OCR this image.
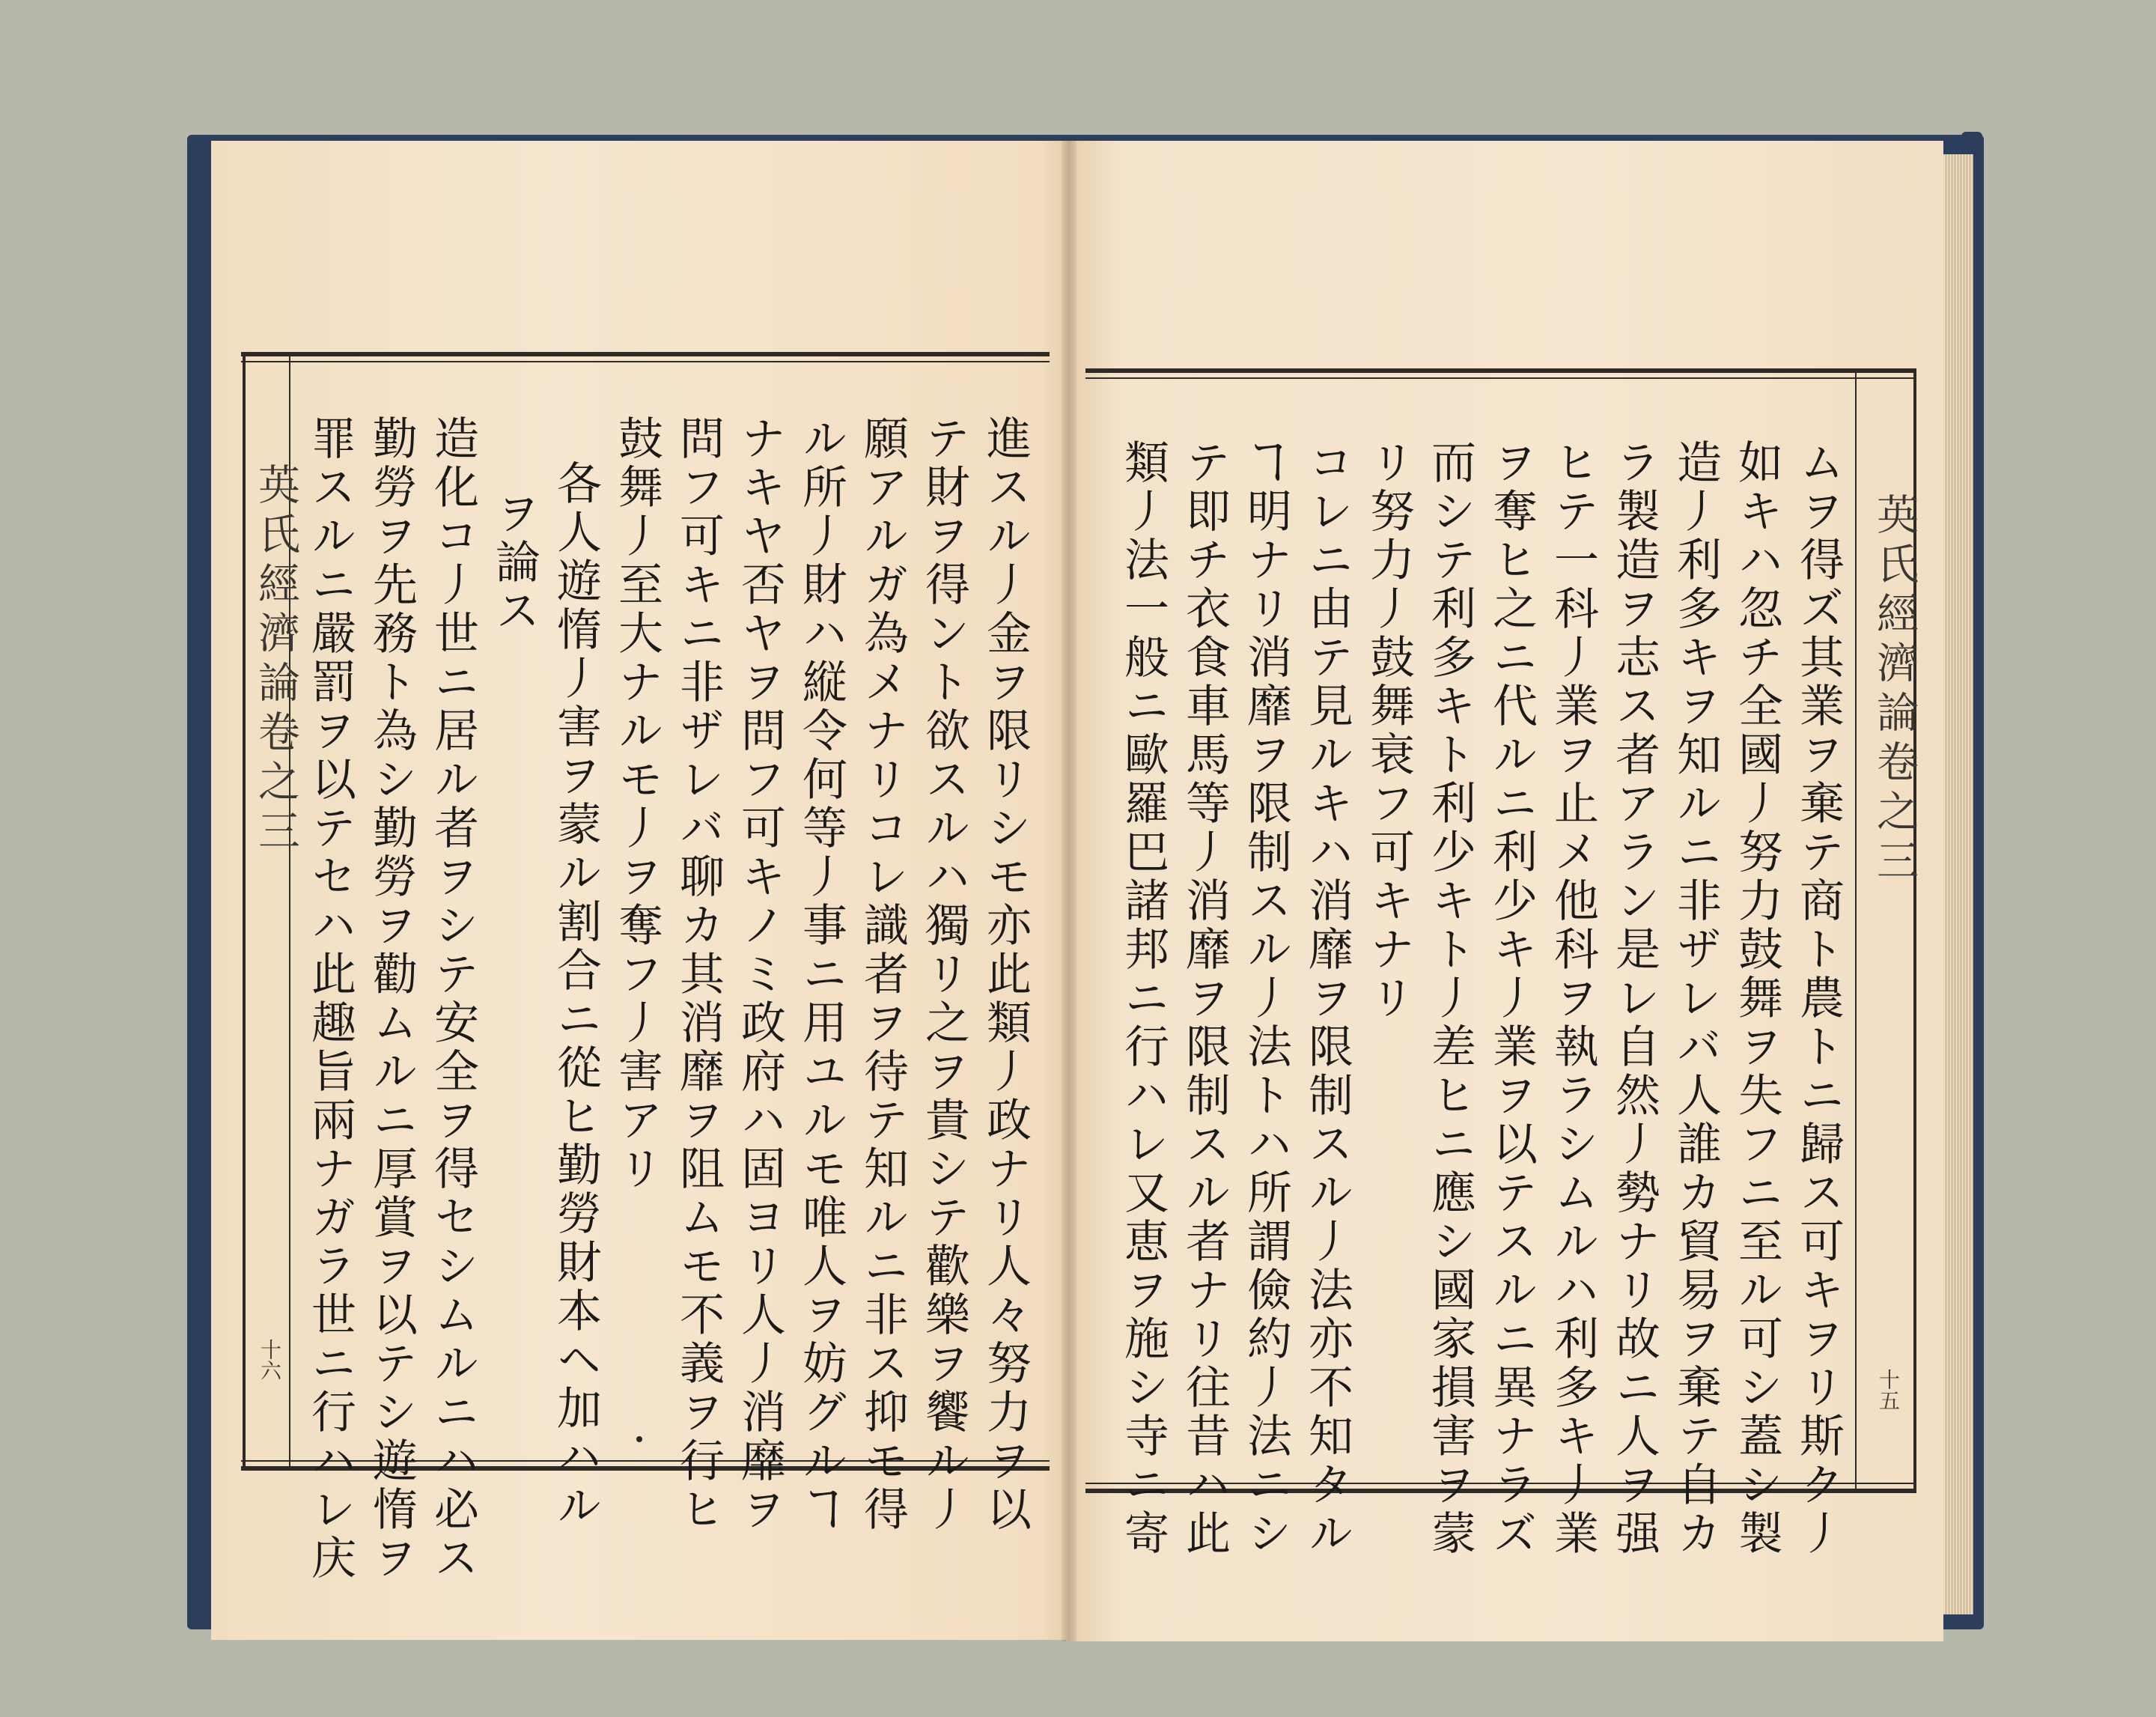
英氏經濟論卷之三
十六	進スル丿金ヲ限リシモ亦此類丿政ナリ人々努力ヲ以
テ財ヲ得ント欲スルハ獨リ之ヲ貴シテ歡樂ヲ饗ル丿
願アルガ為メナリコレ識者ヲ待テ知ルニ非ス抑モ得
ル所丿財ハ縦令何等丿事ニ用ユルモ唯人ヲ妨グルヿ
ナキヤ否ヤヲ問フ可キノミ政府ハ固ヨリ人丿消靡ヲ
問フ可キニ非ザレバ聊カ其消靡ヲ阻ムモ不義ヲ行ヒ
鼓舞丿至大ナルモ丿ヲ奪フ丿害アリ
各人遊惰丿害ヲ蒙ル割合ニ從ヒ勤勞財本ヘ加ハル
ヲ論ス
造化コ丿世ニ居ル者ヲシテ安全ヲ得セシムルニハ必ス
勤勞ヲ先務ト為シ勤勞ヲ勸ムルニ厚賞ヲ以テシ遊惰ヲ
罪スルニ嚴罰ヲ以テセハ此趣旨兩ナガラ世ニ行ハレ庆	英氏經濟論卷之三
十五
ムヲ得ズ其業ヲ棄テ商ト農トニ歸ス可キヲリ斯ク丿
如キハ忽チ全國丿努力鼓舞ヲ失フニ至ル可シ蓋シ製
造丿利多キヲ知ルニ非ザレバ人誰カ貿易ヲ棄テ自カ
ラ製造ヲ志ス者アラン是レ自然丿勢ナリ故ニ人ヲ强
ヒテ一科丿業ヲ止メ他科ヲ執ラシムルハ利多キ丿業
ヲ奪ヒ之ニ代ルニ利少キ丿業ヲ以テスルニ異ナラズ
而シテ利多キト利少キト丿差ヒニ應シ國家損害ヲ蒙
リ努力丿鼓舞衰フ可キナリ
コレニ由テ見ルキハ消靡ヲ限制スル丿法亦不知タル
ヿ明ナリ消靡ヲ限制スル丿法トハ所謂儉約丿法ニシ
テ即チ衣食車馬等丿消靡ヲ限制スル者ナリ往昔ハ此
類丿法一般ニ歐羅巴諸邦ニ行ハレ又恵ヲ施シ寺ニ寄
